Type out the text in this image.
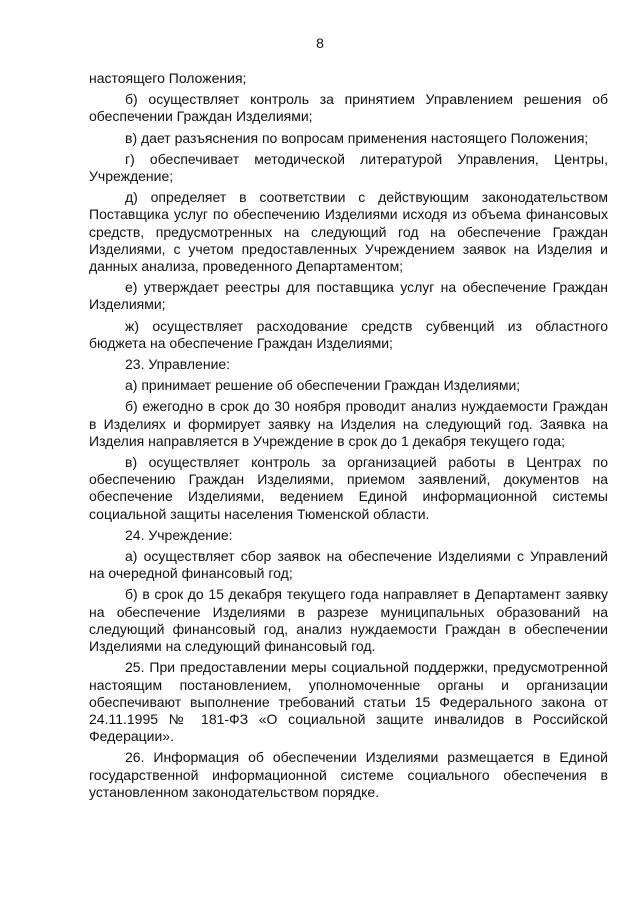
8

настоящего Положения;

б) осуществляет контроль за принятием Управлением решения об обеспечении Граждан Изделиями;

в) дает разъяснения по вопросам применения настоящего Положения;

г) обеспечивает методической литературой Управления, Центры, Учреждение;

д) определяет в соответствии с действующим законодательством Поставщика услуг по обеспечению Изделиями исходя из объема финансовых средств, предусмотренных на следующий год на обеспечение Граждан Изделиями, с учетом предоставленных Учреждением заявок на Изделия и данных анализа, проведенного Департаментом;

е) утверждает реестры для поставщика услуг на обеспечение Граждан Изделиями;

ж) осуществляет расходование средств субвенций из областного бюджета на обеспечение Граждан Изделиями;

23. Управление:

а) принимает решение об обеспечении Граждан Изделиями;

б) ежегодно в срок до 30 ноября проводит анализ нуждаемости Граждан в Изделиях и формирует заявку на Изделия на следующий год. Заявка на Изделия направляется в Учреждение в срок до 1 декабря текущего года;

в) осуществляет контроль за организацией работы в Центрах по обеспечению Граждан Изделиями, приемом заявлений, документов на обеспечение Изделиями, ведением Единой информационной системы социальной защиты населения Тюменской области.

24. Учреждение:

а) осуществляет сбор заявок на обеспечение Изделиями с Управлений на очередной финансовый год;

б) в срок до 15 декабря текущего года направляет в Департамент заявку на обеспечение Изделиями в разрезе муниципальных образований на следующий финансовый год, анализ нуждаемости Граждан в обеспечении Изделиями на следующий финансовый год.

25. При предоставлении меры социальной поддержки, предусмотренной настоящим постановлением, уполномоченные органы и организации обеспечивают выполнение требований статьи 15 Федерального закона от 24.11.1995 № 181-ФЗ «О социальной защите инвалидов в Российской Федерации».

26. Информация об обеспечении Изделиями размещается в Единой государственной информационной системе социального обеспечения в установленном законодательством порядке.
